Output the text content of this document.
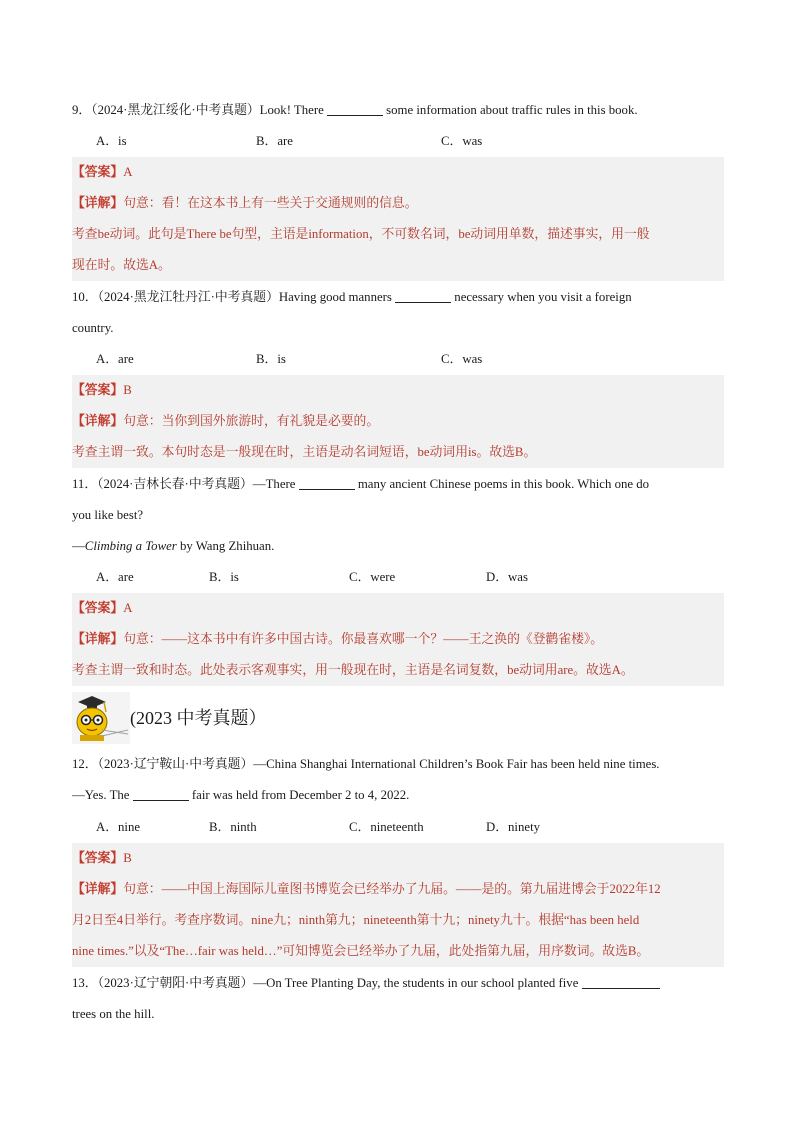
9．（2024·黑龙江绥化·中考真题）Look! There	some information about traffic rules in this book.
A．is	B．are	C．was
【答案】A
【详解】句意：看！在这本书上有一些关于交通规则的信息。
考查be动词。此句是There be句型，主语是information，不可数名词，be动词用单数，描述事实，用一般
现在时。故选A。
10．（2024·黑龙江牡丹江·中考真题）Having good manners	necessary when you visit a foreign
country.
A．are	B．is	C．was
【答案】B
【详解】句意：当你到国外旅游时，有礼貌是必要的。
考查主谓一致。本句时态是一般现在时，主语是动名词短语，be动词用is。故选B。
11．（2024·吉林长春·中考真题）—There	many ancient Chinese poems in this book. Which one do
you like best?
—Climbing a Tower by Wang Zhihuan.
A．are	B．is	C．were	D．was
【答案】A
【详解】句意：——这本书中有许多中国古诗。你最喜欢哪一个？——王之涣的《登鹳雀楼》。
考查主谓一致和时态。此处表示客观事实，用一般现在时，主语是名词复数，be动词用are。故选A。
(2023 中考真题）
12．（2023·辽宁鞍山·中考真题）—China Shanghai International Children’s Book Fair has been held nine times.
—Yes. The	fair was held from December 2 to 4, 2022.
A．nine	B．ninth	C．nineteenth	D．ninety
【答案】B
【详解】句意：——中国上海国际儿童图书博览会已经举办了九届。——是的。第九届进博会于2022年12
月2日至4日举行。考查序数词。nine九；ninth第九；nineteenth第十九；ninety九十。根据“has been held
nine times.”以及“The…fair was held…”可知博览会已经举办了九届，此处指第九届，用序数词。故选B。
13．（2023·辽宁朝阳·中考真题）—On Tree Planting Day, the students in our school planted five
trees on the hill.
